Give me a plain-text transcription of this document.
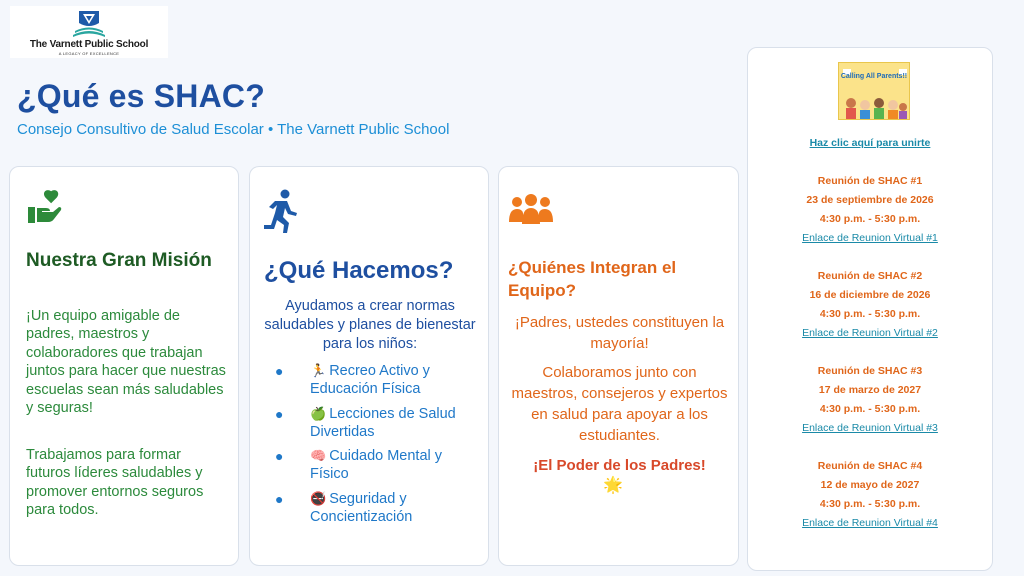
The Varnett Public School
A LEGACY OF EXCELLENCE
¿Qué es SHAC?
Consejo Consultivo de Salud Escolar • The Varnett Public School
Nuestra Gran Misión

¡Un equipo amigable de padres, maestros y colaboradores que trabajan juntos para hacer que nuestras escuelas sean más saludables y seguras!

Trabajamos para formar futuros líderes saludables y promover entornos seguros para todos.

¿Qué Hacemos?

Ayudamos a crear normas saludables y planes de bienestar para los niños:

● 🏃 Recreo Activo y Educación Física
● 🍏 Lecciones de Salud Divertidas
● 🧠 Cuidado Mental y Físico
● 🚭 Seguridad y Concientización
¿Quiénes Integran el Equipo?

¡Padres, ustedes constituyen la mayoría!

Colaboramos junto con maestros, consejeros y expertos en salud para apoyar a los estudiantes.

¡El Poder de los Padres!

🌟
Calling All Parents!!
Haz clic aquí para unirte
Reunión de SHAC #1
23 de septiembre de 2026
4:30 p.m. - 5:30 p.m.
Enlace de Reunion Virtual #1
Reunión de SHAC #2
16 de diciembre de 2026
4:30 p.m. - 5:30 p.m.
Enlace de Reunion Virtual #2
Reunión de SHAC #3
17 de marzo de 2027
4:30 p.m. - 5:30 p.m.
Enlace de Reunion Virtual #3
Reunión de SHAC #4
12 de mayo de 2027
4:30 p.m. - 5:30 p.m.
Enlace de Reunion Virtual #4
